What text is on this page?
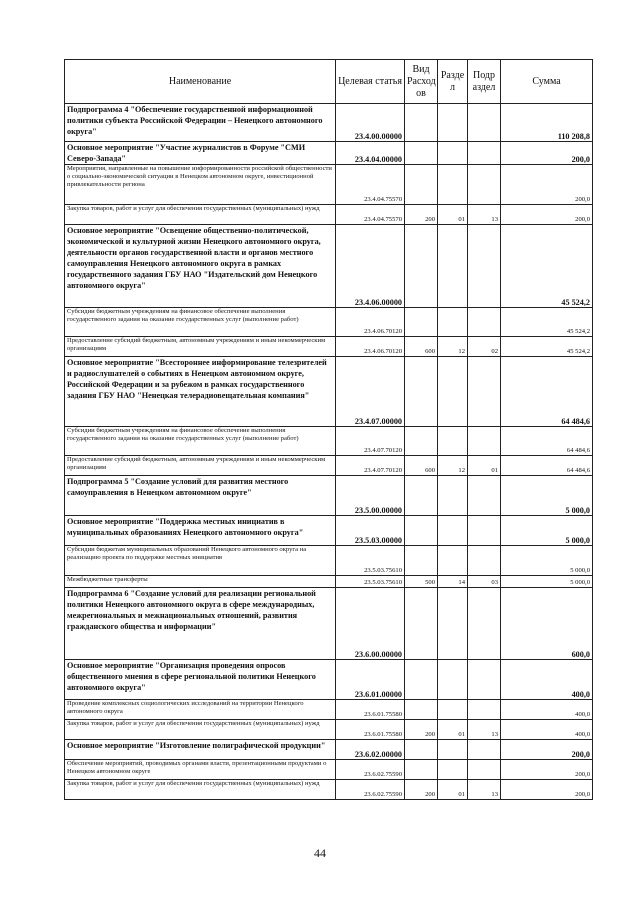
Наименование	Целевая статья	Вид Расход ов	Разде л	Подр аздел	Сумма
Подпрограмма 4 "Обеспечение государственной информационной политики субъекта Российской Федерации – Ненецкого автономного округа"	23.4.00.00000				110 208,8
Основное мероприятие "Участие журналистов в Форуме "СМИ Северо-Запада"	23.4.04.00000				200,0
Мероприятия, направленные на повышение информированности российской общественности о социально-экономической ситуации в Ненецком автономном округе, инвестиционной привлекательности региона	23.4.04.75570				200,0
Закупка товаров, работ и услуг для обеспечения государственных (муниципальных) нужд	23.4.04.75570	200	01	13	200,0
Основное мероприятие "Освещение общественно-политической, экономической и культурной жизни Ненецкого автономного округа, деятельности органов государственной власти и органов местного самоуправления Ненецкого автономного округа в рамках государственного задания ГБУ НАО "Издательский дом Ненецкого автономного округа"	23.4.06.00000				45 524,2
Субсидии бюджетным учреждениям на финансовое обеспечение выполнения государственного задания на оказание государственных услуг (выполнение работ)	23.4.06.70120				45 524,2
Предоставление субсидий бюджетным, автономным учреждениям и иным некоммерческим организациям	23.4.06.70120	600	12	02	45 524,2
Основное мероприятие "Всестороннее информирование телезрителей и радиослушателей о событиях в Ненецком автономном округе, Российской Федерации и за рубежом в рамках государственного задания ГБУ НАО "Ненецкая телерадиовещательная компания"	23.4.07.00000				64 484,6
Субсидии бюджетным учреждениям на финансовое обеспечение выполнения государственного задания на оказание государственных услуг (выполнение работ)	23.4.07.70120				64 484,6
Предоставление субсидий бюджетным, автономным учреждениям и иным некоммерческим организациям	23.4.07.70120	600	12	01	64 484,6
Подпрограмма 5 "Создание условий для развития местного самоуправления в Ненецком автономном округе"	23.5.00.00000				5 000,0
Основное мероприятие "Поддержка местных инициатив в муниципальных образованиях Ненецкого автономного округа"	23.5.03.00000				5 000,0
Субсидии бюджетам муниципальных образований Ненецкого автономного округа на реализацию проекта по поддержке местных инициатив	23.5.03.75610				5 000,0
Межбюджетные трансферты	23.5.03.75610	500	14	03	5 000,0
Подпрограмма 6 "Создание условий для реализации региональной политики Ненецкого автономного округа в сфере международных, межрегиональных и межнациональных отношений, развития гражданского общества и информации"	23.6.00.00000				600,0
Основное мероприятие "Организация проведения опросов общественного мнения в сфере региональной политики Ненецкого автономного округа"	23.6.01.00000				400,0
Проведение комплексных социологических исследований на территории Ненецкого автономного округа	23.6.01.75580				400,0
Закупка товаров, работ и услуг для обеспечения государственных (муниципальных) нужд	23.6.01.75580	200	01	13	400,0
Основное мероприятие "Изготовление полиграфической продукции"	23.6.02.00000				200,0
Обеспечение мероприятий, проводимых органами власти, презентационными продуктами о Ненецком автономном округе	23.6.02.75590				200,0
Закупка товаров, работ и услуг для обеспечения государственных (муниципальных) нужд	23.6.02.75590	200	01	13	200,0
44
